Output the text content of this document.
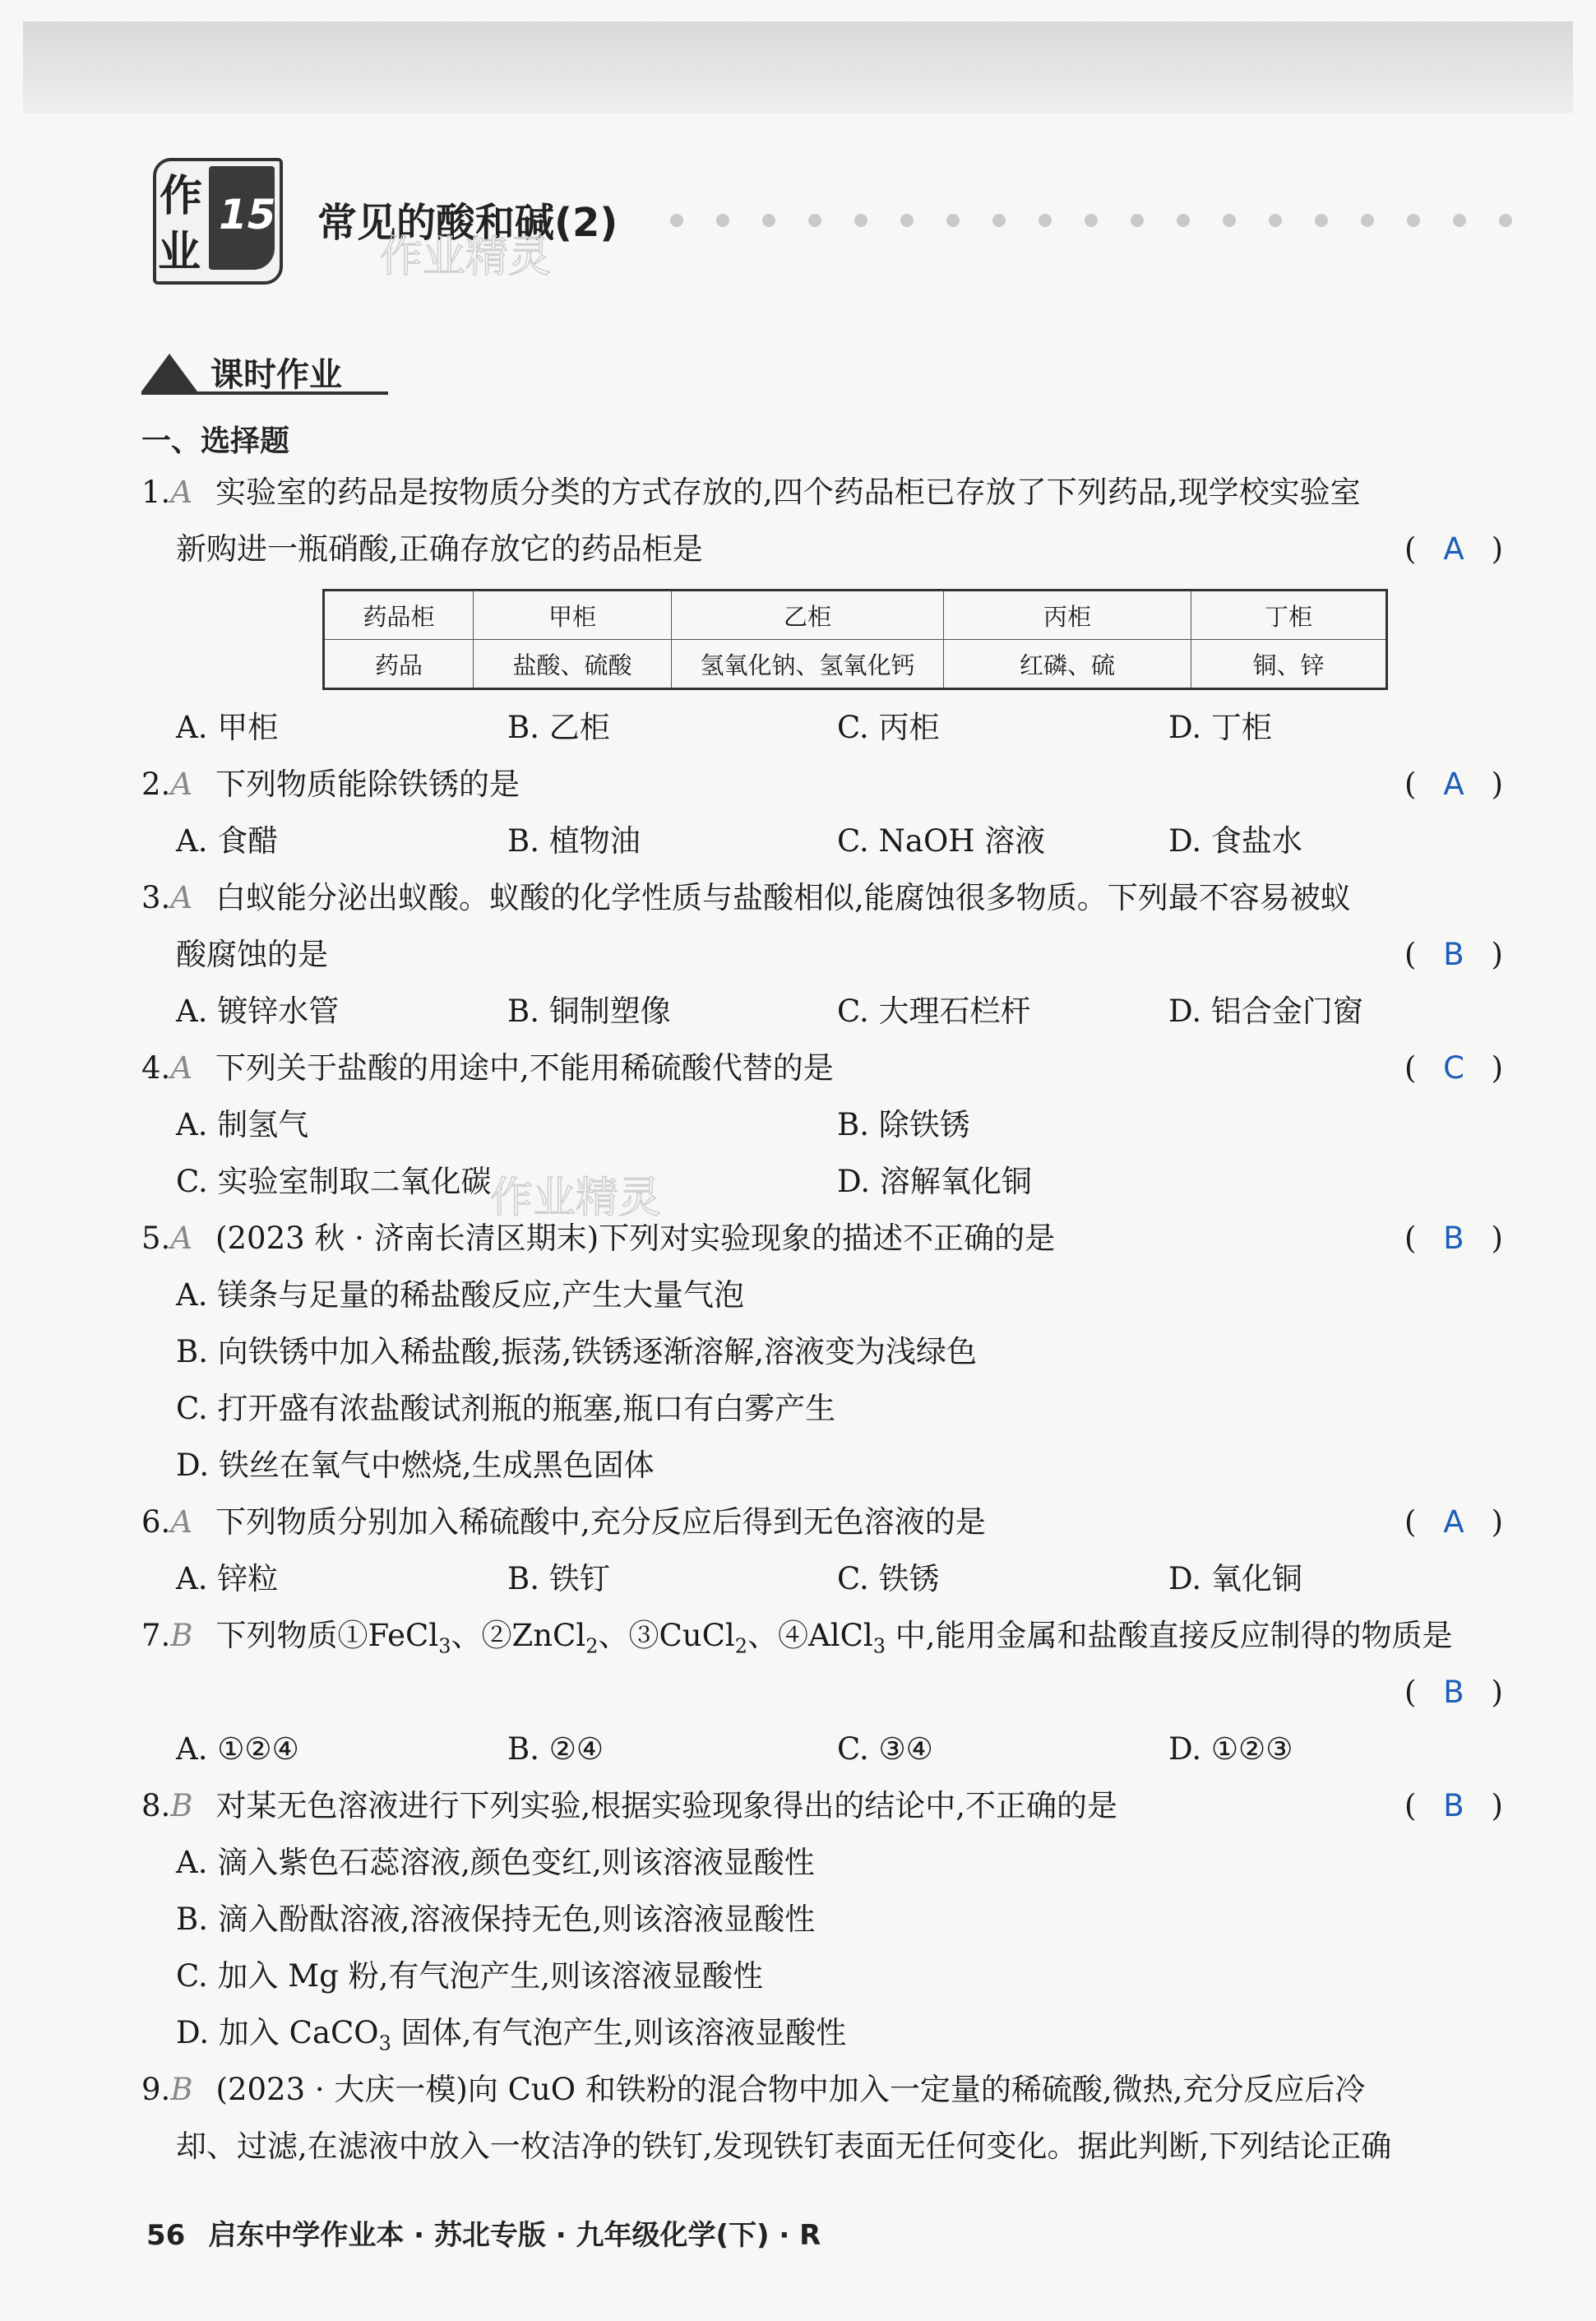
作
业
15 常见的酸和碱(2)
作业精灵
课时作业
一、选择题
1.A 实验室的药品是按物质分类的方式存放的,四个药品柜已存放了下列药品,现学校实验室
新购进一瓶硝酸,正确存放它的药品柜是	( A )
药品柜	甲柜	乙柜	丙柜	丁柜
药品	盐酸、硫酸	氢氧化钠、氢氧化钙	红磷、硫	铜、锌
A. 甲柜	B. 乙柜	C. 丙柜	D. 丁柜
2.A 下列物质能除铁锈的是	( A )
A. 食醋	B. 植物油	C. NaOH 溶液	D. 食盐水
3.A 白蚁能分泌出蚁酸。蚁酸的化学性质与盐酸相似,能腐蚀很多物质。下列最不容易被蚁
酸腐蚀的是	( B )
A. 镀锌水管	B. 铜制塑像	C. 大理石栏杆	D. 铝合金门窗
4.A 下列关于盐酸的用途中,不能用稀硫酸代替的是	( C )
A. 制氢气	B. 除铁锈
C. 实验室制取二氧化碳	D. 溶解氧化铜
作业精灵
5.A (2023 秋 · 济南长清区期末)下列对实验现象的描述不正确的是	( B )
A. 镁条与足量的稀盐酸反应,产生大量气泡
B. 向铁锈中加入稀盐酸,振荡,铁锈逐渐溶解,溶液变为浅绿色
C. 打开盛有浓盐酸试剂瓶的瓶塞,瓶口有白雾产生
D. 铁丝在氧气中燃烧,生成黑色固体
6.A 下列物质分别加入稀硫酸中,充分反应后得到无色溶液的是	( A )
A. 锌粒	B. 铁钉	C. 铁锈	D. 氧化铜
7.B 下列物质①FeCl$_3$、②ZnCl$_2$、③CuCl$_2$、④AlCl$_3$ 中,能用金属和盐酸直接反应制得的物质是
( B )
A. ①②④	B. ②④	C. ③④	D. ①②③
8.B 对某无色溶液进行下列实验,根据实验现象得出的结论中,不正确的是	( B )
A. 滴入紫色石蕊溶液,颜色变红,则该溶液显酸性
B. 滴入酚酞溶液,溶液保持无色,则该溶液显酸性
C. 加入 Mg 粉,有气泡产生,则该溶液显酸性
D. 加入 CaCO$_3$ 固体,有气泡产生,则该溶液显酸性
9.B (2023 · 大庆一模)向 CuO 和铁粉的混合物中加入一定量的稀硫酸,微热,充分反应后冷
却、过滤,在滤液中放入一枚洁净的铁钉,发现铁钉表面无任何变化。据此判断,下列结论正确
56 启东中学作业本 · 苏北专版 · 九年级化学(下) · R
